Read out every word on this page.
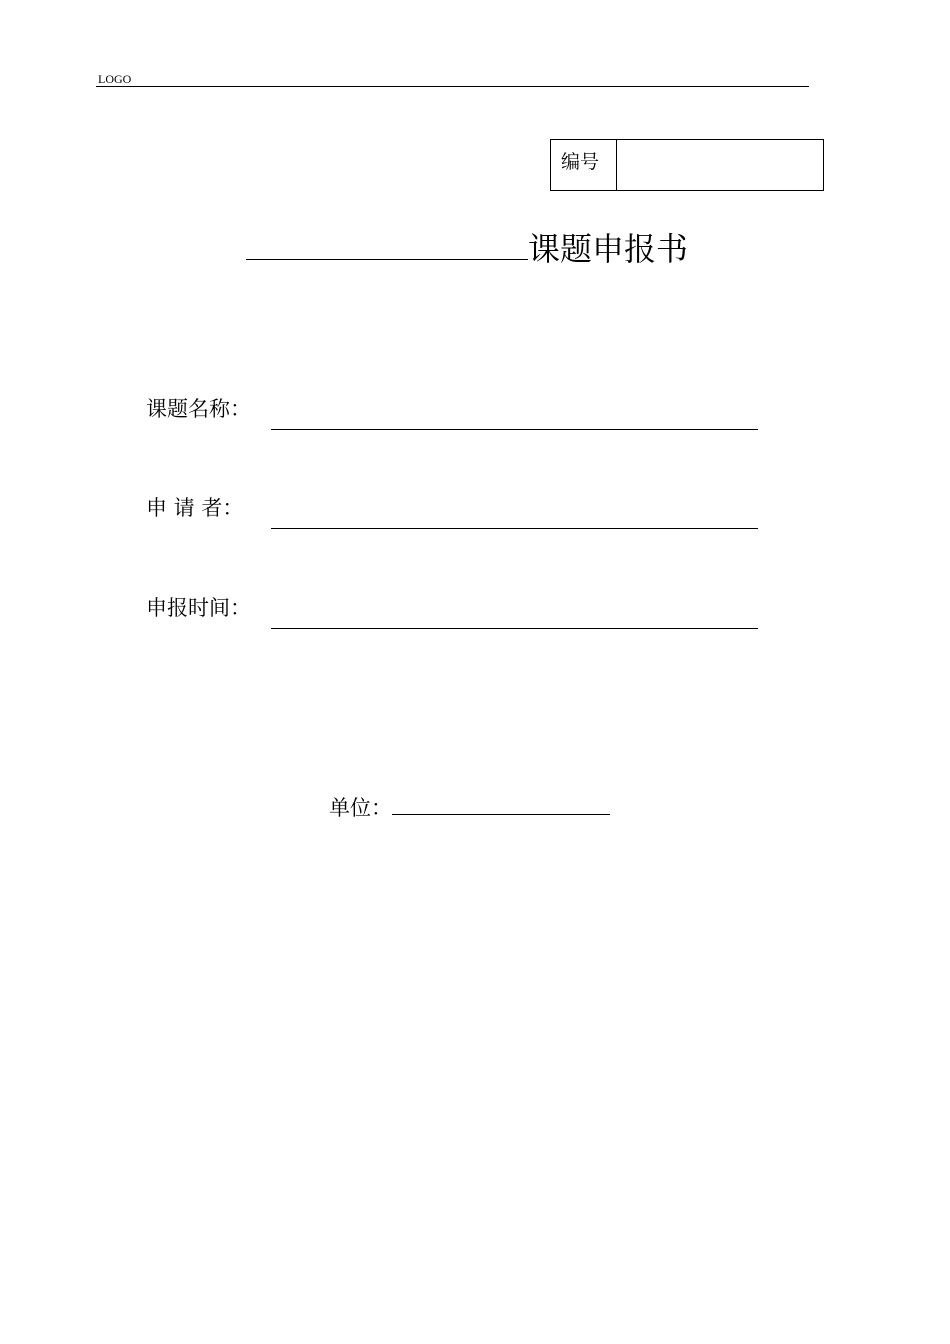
LOGO
编号
课题申报书
课题名称：
申 请 者：
申报时间：
单位：
